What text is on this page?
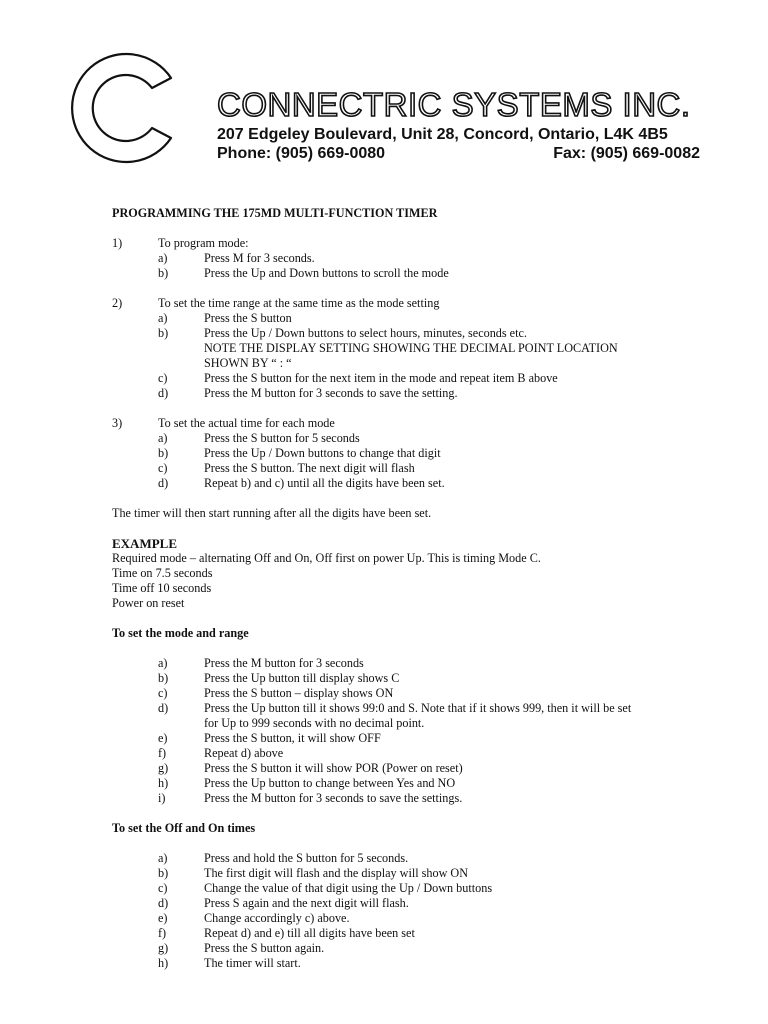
CONNECTRIC SYSTEMS INC.
207 Edgeley Boulevard, Unit 28, Concord, Ontario, L4K 4B5
Phone: (905) 669-0080	Fax: (905) 669-0082

PROGRAMMING THE 175MD MULTI-FUNCTION TIMER

1)	To program mode:
a)	Press M for 3 seconds.
b)	Press the Up and Down buttons to scroll the mode
2)	To set the time range at the same time as the mode setting
a)	Press the S button
b)	Press the Up / Down buttons to select hours, minutes, seconds etc.
NOTE THE DISPLAY SETTING SHOWING THE DECIMAL POINT LOCATION
SHOWN BY “ : “
c)	Press the S button for the next item in the mode and repeat item B above
d)	Press the M button for 3 seconds to save the setting.
3)	To set the actual time for each mode
a)	Press the S button for 5 seconds
b)	Press the Up / Down buttons to change that digit
c)	Press the S button. The next digit will flash
d)	Repeat b) and c) until all the digits have been set.
The timer will then start running after all the digits have been set.
EXAMPLE
Required mode – alternating Off and On, Off first on power Up. This is timing Mode C.
Time on 7.5 seconds
Time off 10 seconds
Power on reset
To set the mode and range
a)	Press the M button for 3 seconds
b)	Press the Up button till display shows C
c)	Press the S button – display shows ON
d)	Press the Up button till it shows 99:0 and S. Note that if it shows 999, then it will be set
for Up to 999 seconds with no decimal point.
e)	Press the S button, it will show OFF
f)	Repeat d) above
g)	Press the S button it will show POR (Power on reset)
h)	Press the Up button to change between Yes and NO
i)	Press the M button for 3 seconds to save the settings.
To set the Off and On times
a)	Press and hold the S button for 5 seconds.
b)	The first digit will flash and the display will show ON
c)	Change the value of that digit using the Up / Down buttons
d)	Press S again and the next digit will flash.
e)	Change accordingly c) above.
f)	Repeat d) and e) till all digits have been set
g)	Press the S button again.
h)	The timer will start.
